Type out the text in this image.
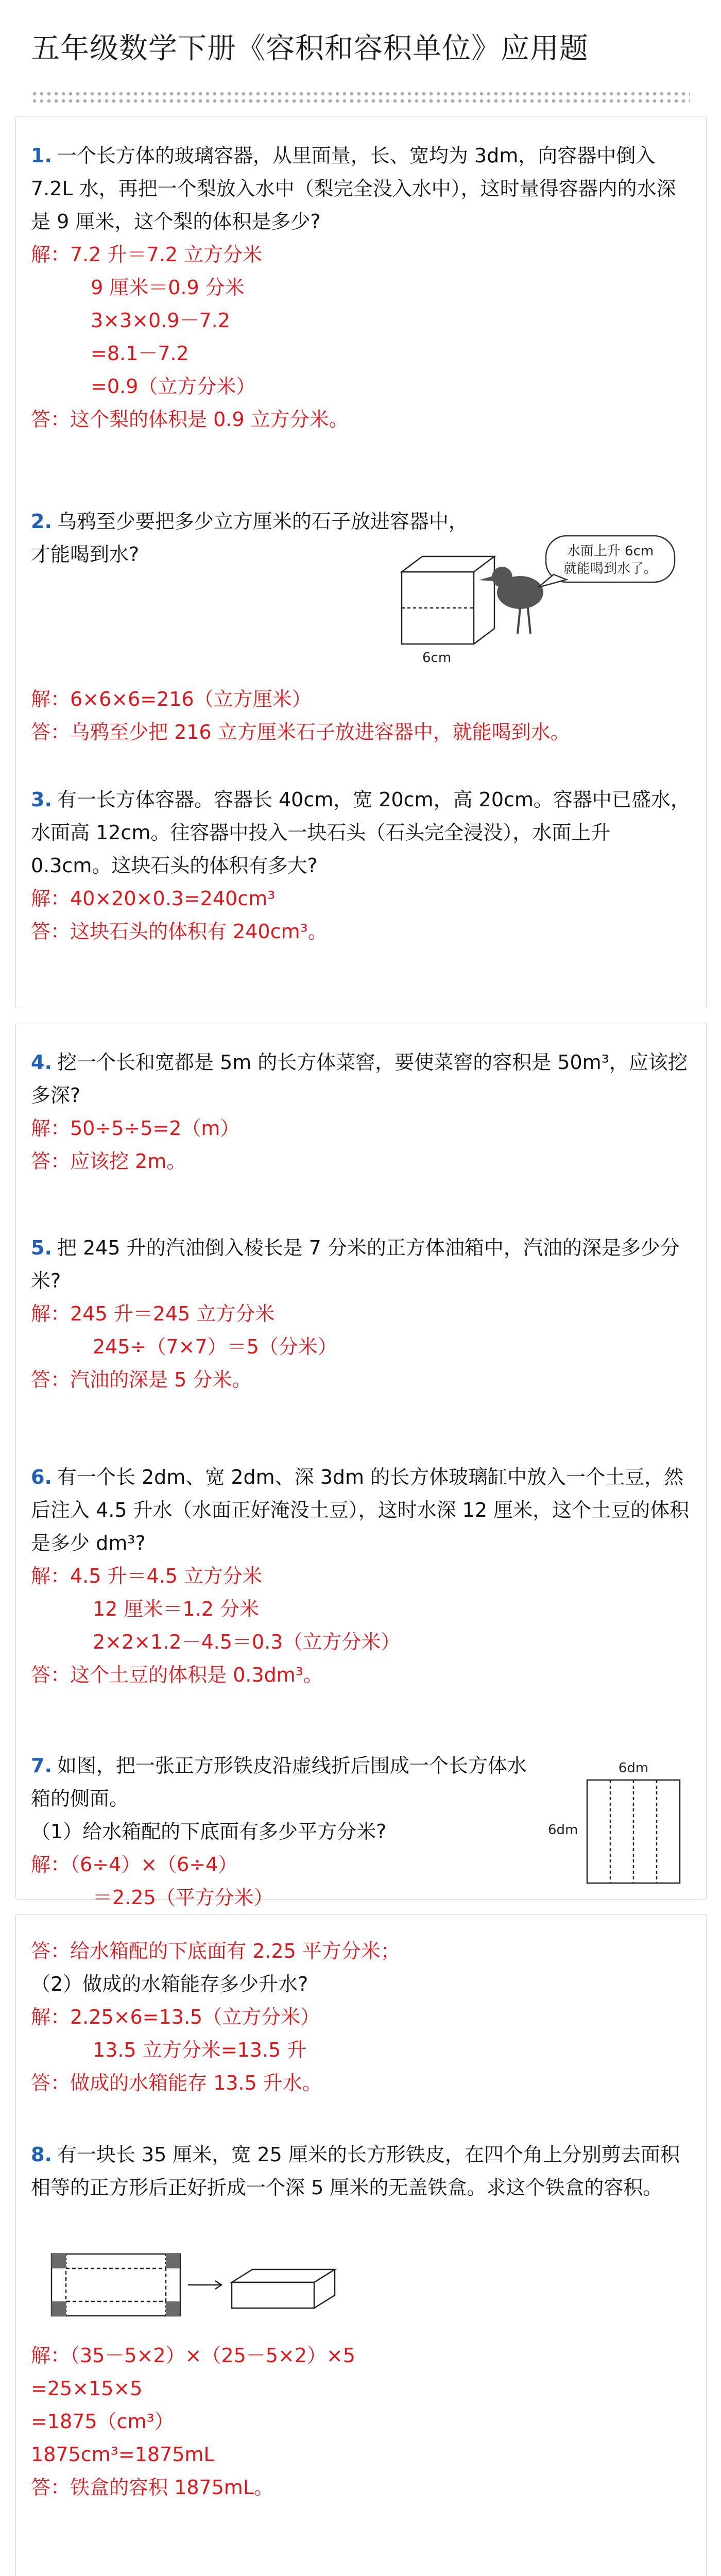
五年级数学下册《容积和容积单位》应用题

1. 一个长方体的玻璃容器，从里面量，长、宽均为 3dm，向容器中倒入 7.2L 水，再把一个梨放入水中（梨完全没入水中），这时量得容器内的水深是 9 厘米，这个梨的体积是多少?

解：7.2 升＝7.2 立方分米

9 厘米＝0.9 分米

3×3×0.9－7.2

=8.1－7.2

=0.9（立方分米）

答：这个梨的体积是 0.9 立方分米。

2. 乌鸦至少要把多少立方厘米的石子放进容器中，才能喝到水?	水面上升 6cm
就能喝到水了。
6cm

解：6×6×6=216（立方厘米）

答：乌鸦至少把 216 立方厘米石子放进容器中，就能喝到水。

3. 有一长方体容器。容器长 40cm，宽 20cm，高 20cm。容器中已盛水，水面高 12cm。往容器中投入一块石头（石头完全浸没），水面上升 0.3cm。这块石头的体积有多大?

解：40×20×0.3=240cm³

答：这块石头的体积有 240cm³。

4. 挖一个长和宽都是 5m 的长方体菜窖，要使菜窖的容积是 50m³，应该挖多深?

解：50÷5÷5=2（m）

答：应该挖 2m。

5. 把 245 升的汽油倒入棱长是 7 分米的正方体油箱中，汽油的深是多少分米?

解：245 升＝245 立方分米

245÷（7×7）＝5（分米）

答：汽油的深是 5 分米。

6. 有一个长 2dm、宽 2dm、深 3dm 的长方体玻璃缸中放入一个土豆，然后注入 4.5 升水（水面正好淹没土豆），这时水深 12 厘米，这个土豆的体积是多少 dm³?

解：4.5 升＝4.5 立方分米

12 厘米＝1.2 分米

2×2×1.2－4.5＝0.3（立方分米）

答：这个土豆的体积是 0.3dm³。

7. 如图，把一张正方形铁皮沿虚线折后围成一个长方体水箱的侧面。

（1）给水箱配的下底面有多少平方分米?

解：（6÷4）×（6÷4）

＝2.25（平方分米）

6dm
6dm

答：给水箱配的下底面有 2.25 平方分米；

（2）做成的水箱能存多少升水?

解：2.25×6=13.5（立方分米）

13.5 立方分米=13.5 升

答：做成的水箱能存 13.5 升水。

8. 有一块长 35 厘米，宽 25 厘米的长方形铁皮，在四个角上分别剪去面积相等的正方形后正好折成一个深 5 厘米的无盖铁盒。求这个铁盒的容积。

解：（35－5×2）×（25－5×2）×5

=25×15×5

=1875（cm³）

1875cm³=1875mL

答：铁盒的容积 1875mL。
